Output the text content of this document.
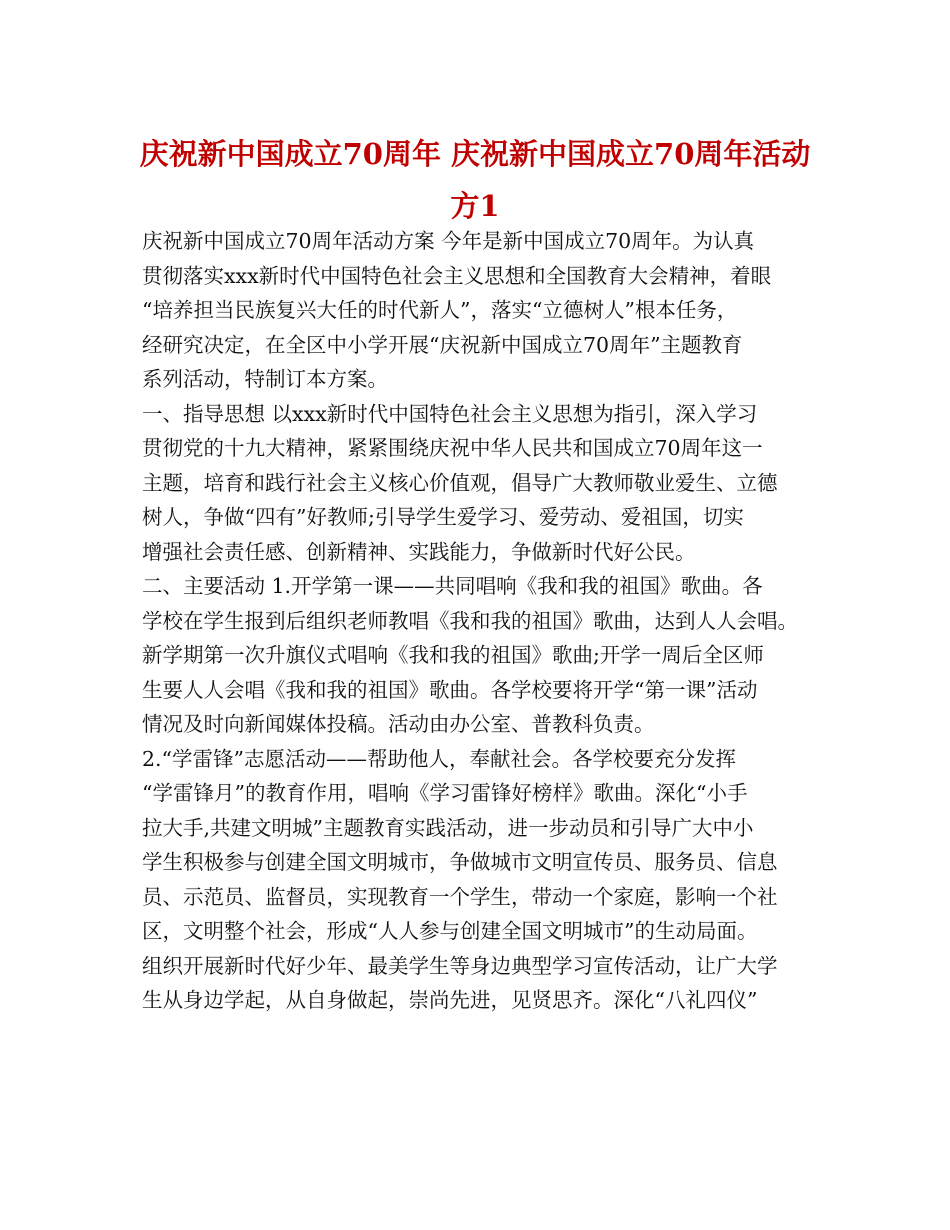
庆祝新中国成立70周年 庆祝新中国成立70周年活动
方1
庆祝新中国成立70周年活动方案 今年是新中国成立70周年。为认真
贯彻落实xxx新时代中国特色社会主义思想和全国教育大会精神，着眼
“培养担当民族复兴大任的时代新人”，落实“立德树人”根本任务，
经研究决定，在全区中小学开展“庆祝新中国成立70周年”主题教育
系列活动，特制订本方案。
一、指导思想 以xxx新时代中国特色社会主义思想为指引，深入学习
贯彻党的十九大精神，紧紧围绕庆祝中华人民共和国成立70周年这一
主题，培育和践行社会主义核心价值观，倡导广大教师敬业爱生、立德
树人，争做“四有”好教师;引导学生爱学习、爱劳动、爱祖国，切实
增强社会责任感、创新精神、实践能力，争做新时代好公民。
二、主要活动 1.开学第一课——共同唱响《我和我的祖国》歌曲。各
学校在学生报到后组织老师教唱《我和我的祖国》歌曲，达到人人会唱。
新学期第一次升旗仪式唱响《我和我的祖国》歌曲;开学一周后全区师
生要人人会唱《我和我的祖国》歌曲。各学校要将开学“第一课”活动
情况及时向新闻媒体投稿。活动由办公室、普教科负责。
2.“学雷锋”志愿活动——帮助他人，奉献社会。各学校要充分发挥
“学雷锋月”的教育作用，唱响《学习雷锋好榜样》歌曲。深化“小手
拉大手,共建文明城”主题教育实践活动，进一步动员和引导广大中小
学生积极参与创建全国文明城市，争做城市文明宣传员、服务员、信息
员、示范员、监督员，实现教育一个学生，带动一个家庭，影响一个社
区，文明整个社会，形成“人人参与创建全国文明城市”的生动局面。
组织开展新时代好少年、最美学生等身边典型学习宣传活动，让广大学
生从身边学起，从自身做起，崇尚先进，见贤思齐。深化“八礼四仪”
